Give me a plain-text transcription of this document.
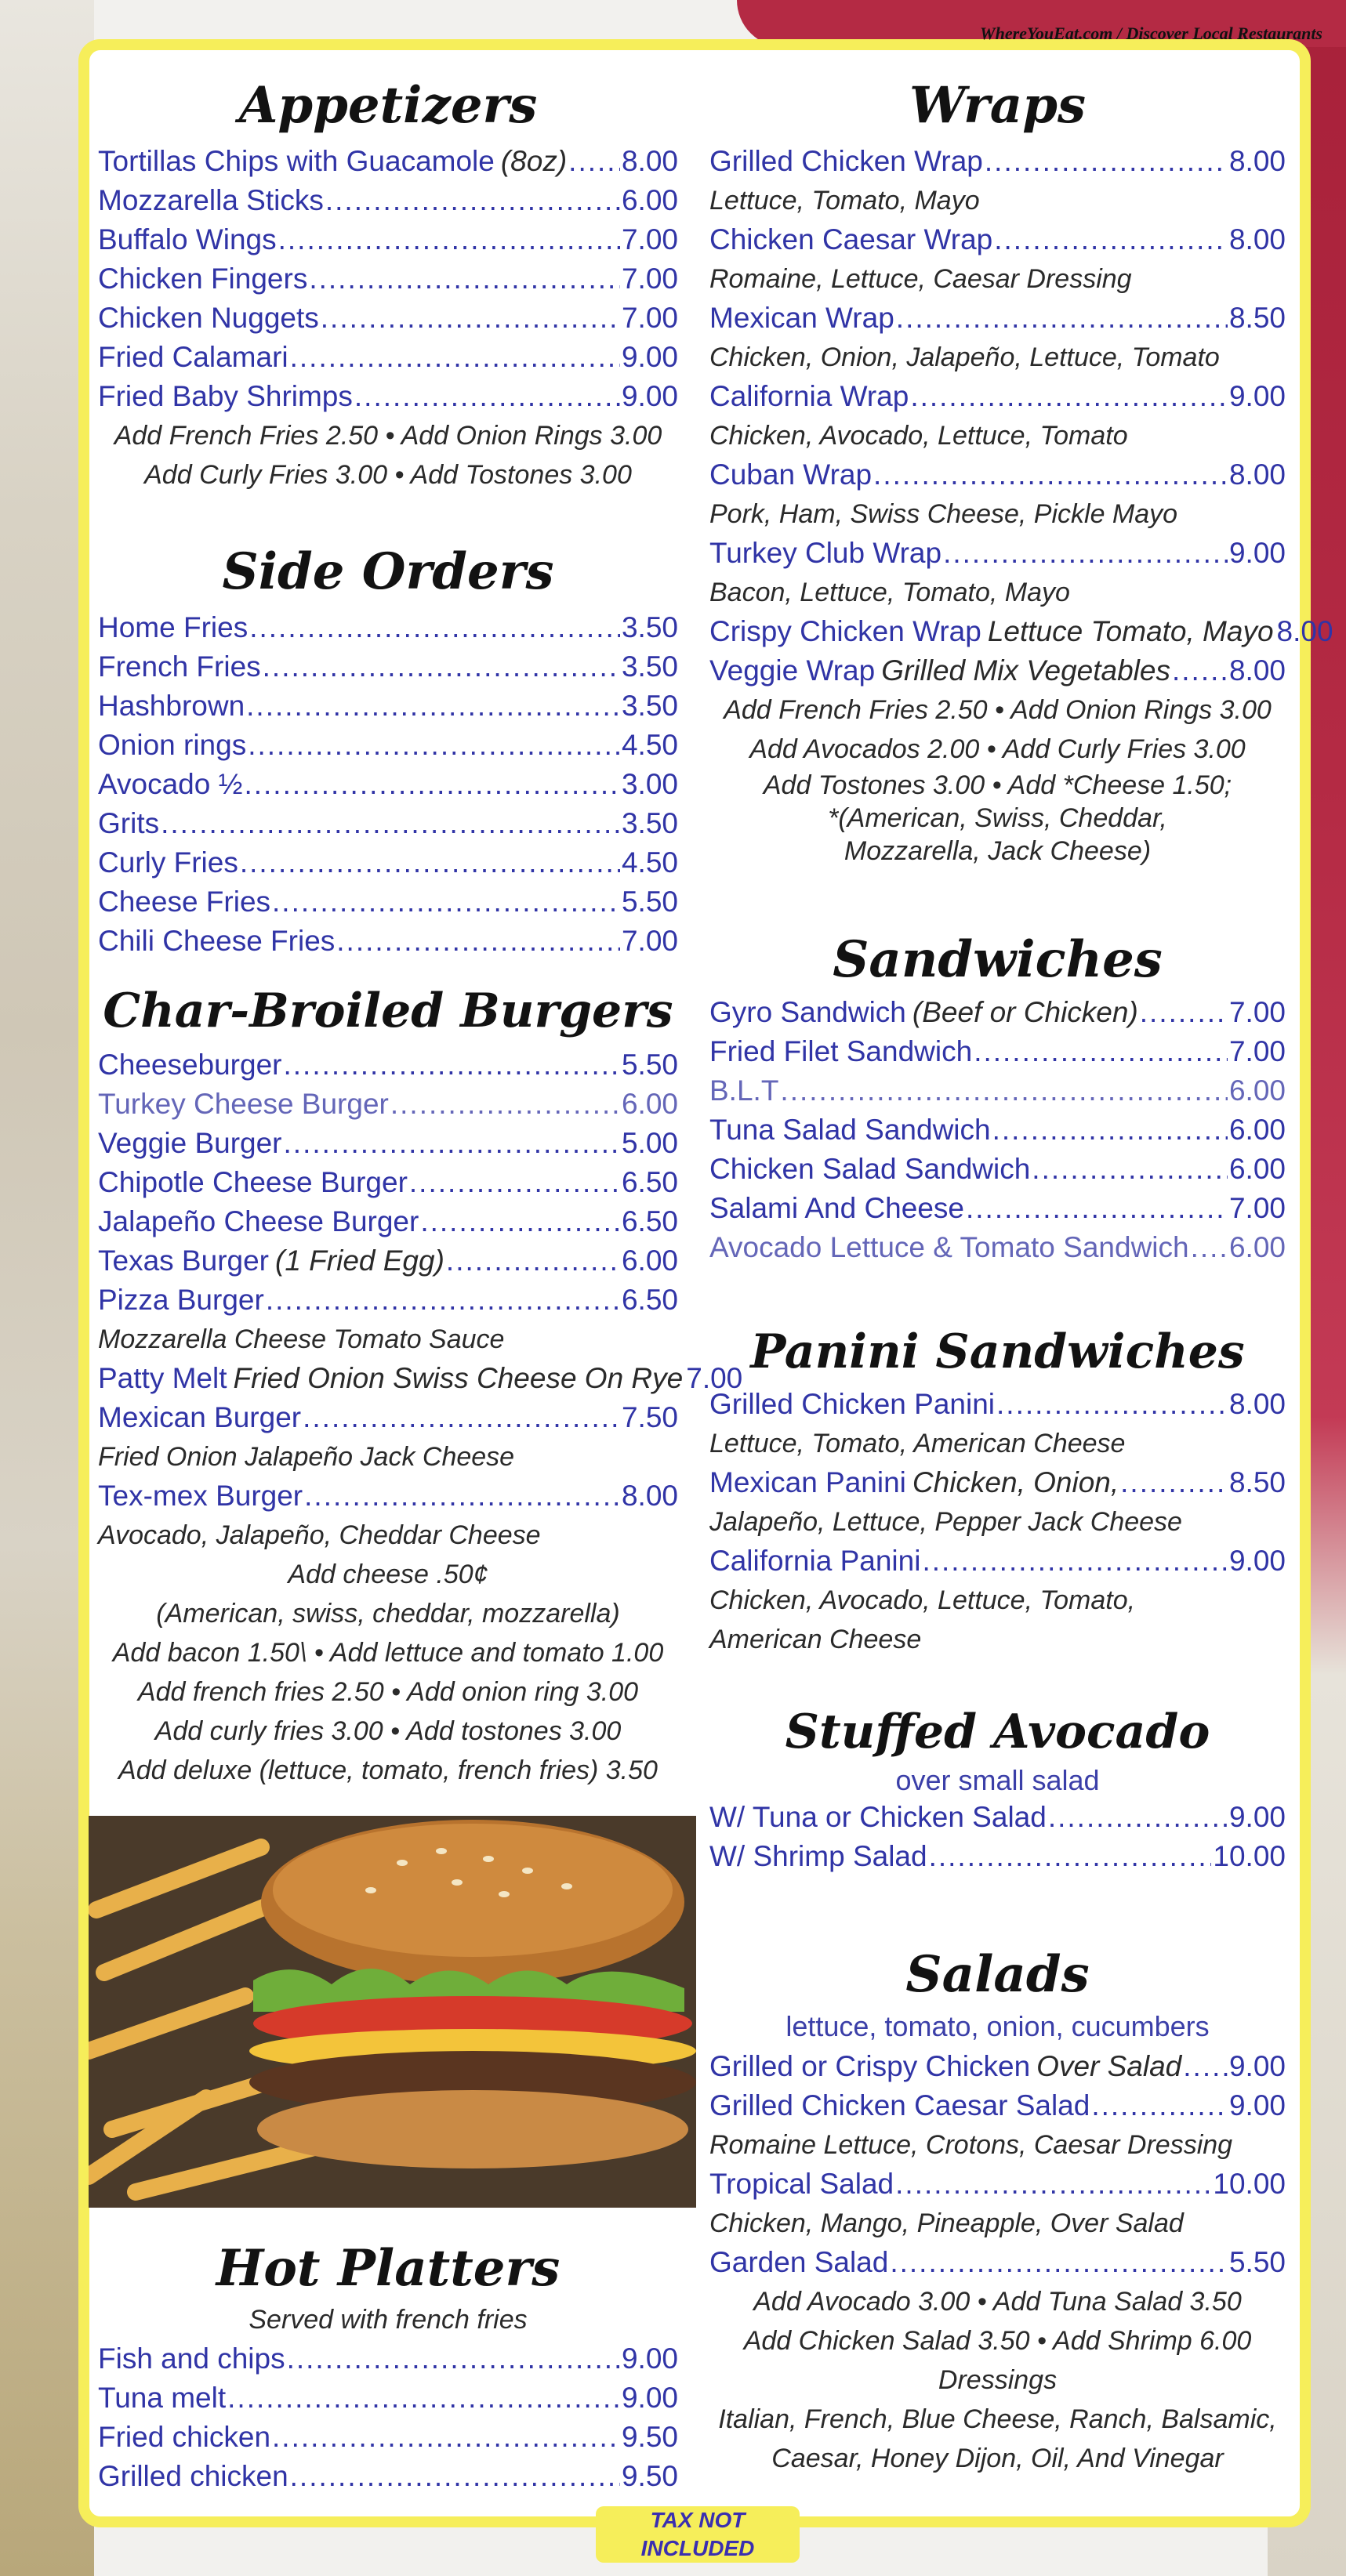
WhereYouEat.com / Discover Local Restaurants
Appetizers
Tortillas Chips with Guacamole (8oz) ..... 8.00
Mozzarella Sticks .....	6.00
Buffalo Wings .....	7.00
Chicken Fingers .....	7.00
Chicken Nuggets .....	7.00
Fried Calamari .....	9.00
Fried Baby Shrimps .....	9.00
Add French Fries 2.50 • Add Onion Rings 3.00
Add Curly Fries 3.00 • Add Tostones 3.00
Side Orders
Home Fries .....	3.50
French Fries .....	3.50
Hashbrown .....	3.50
Onion rings .....	4.50
Avocado ½ .....	3.00
Grits .....	3.50
Curly Fries .....	4.50
Cheese Fries .....	5.50
Chili Cheese Fries .....	7.00
Char-Broiled Burgers
Cheeseburger .....	5.50
Turkey Cheese Burger .....	6.00
Veggie Burger .....	5.00
Chipotle Cheese Burger .....	6.50
Jalapeño Cheese Burger .....	6.50
Texas Burger (1 Fried Egg) .....	6.00
Pizza Burger .....	6.50
Mozzarella Cheese Tomato Sauce
Patty Melt Fried Onion Swiss Cheese On Rye 7.00
Mexican Burger .....	7.50
Fried Onion Jalapeño Jack Cheese
Tex-mex Burger .....	8.00
Avocado, Jalapeño, Cheddar Cheese
Add cheese .50¢
(American, swiss, cheddar, mozzarella)
Add bacon 1.50\ • Add lettuce and tomato 1.00
Add french fries 2.50 • Add onion ring 3.00
Add curly fries 3.00 • Add tostones 3.00
Add deluxe (lettuce, tomato, french fries) 3.50
Hot Platters
Served with french fries
Fish and chips .....	9.00
Tuna melt .....	9.00
Fried chicken .....	9.50
Grilled chicken .....	9.50
Wraps
Grilled Chicken Wrap .....	8.00
Lettuce, Tomato, Mayo
Chicken Caesar Wrap .....	8.00
Romaine, Lettuce, Caesar Dressing
Mexican Wrap .....	8.50
Chicken, Onion, Jalapeño, Lettuce, Tomato
California Wrap .....	9.00
Chicken, Avocado, Lettuce, Tomato
Cuban Wrap .....	8.00
Pork, Ham, Swiss Cheese, Pickle Mayo
Turkey Club Wrap .....	9.00
Bacon, Lettuce, Tomato, Mayo
Crispy Chicken Wrap Lettuce Tomato, Mayo 8.00
Veggie Wrap Grilled Mix Vegetables ..... 8.00
Add French Fries 2.50 • Add Onion Rings 3.00
Add Avocados 2.00 • Add Curly Fries 3.00
Add Tostones 3.00 • Add *Cheese 1.50;
*(American, Swiss, Cheddar,
Mozzarella, Jack Cheese)
Sandwiches
Gyro Sandwich (Beef or Chicken) .....	7.00
Fried Filet Sandwich .....	7.00
B.L.T .....	6.00
Tuna Salad Sandwich .....	6.00
Chicken Salad Sandwich .....	6.00
Salami And Cheese .....	7.00
Avocado Lettuce & Tomato Sandwich ..... 6.00
Panini Sandwiches
Grilled Chicken Panini .....	8.00
Lettuce, Tomato, American Cheese
Mexican Panini Chicken, Onion, .....	8.50
Jalapeño, Lettuce, Pepper Jack Cheese
California Panini .....	9.00
Chicken, Avocado, Lettuce, Tomato,
American Cheese
Stuffed Avocado
over small salad
W/ Tuna or Chicken Salad .....	9.00
W/ Shrimp Salad .....	10.00
Salads
lettuce, tomato, onion, cucumbers
Grilled or Crispy Chicken Over Salad ..... 9.00
Grilled Chicken Caesar Salad .....	9.00
Romaine Lettuce, Crotons, Caesar Dressing
Tropical Salad .....	10.00
Chicken, Mango, Pineapple, Over Salad
Garden Salad .....	5.50
Add Avocado 3.00 • Add Tuna Salad 3.50
Add Chicken Salad 3.50 • Add Shrimp 6.00
Dressings
Italian, French, Blue Cheese, Ranch, Balsamic,
Caesar, Honey Dijon, Oil, And Vinegar
TAX NOT INCLUDED
